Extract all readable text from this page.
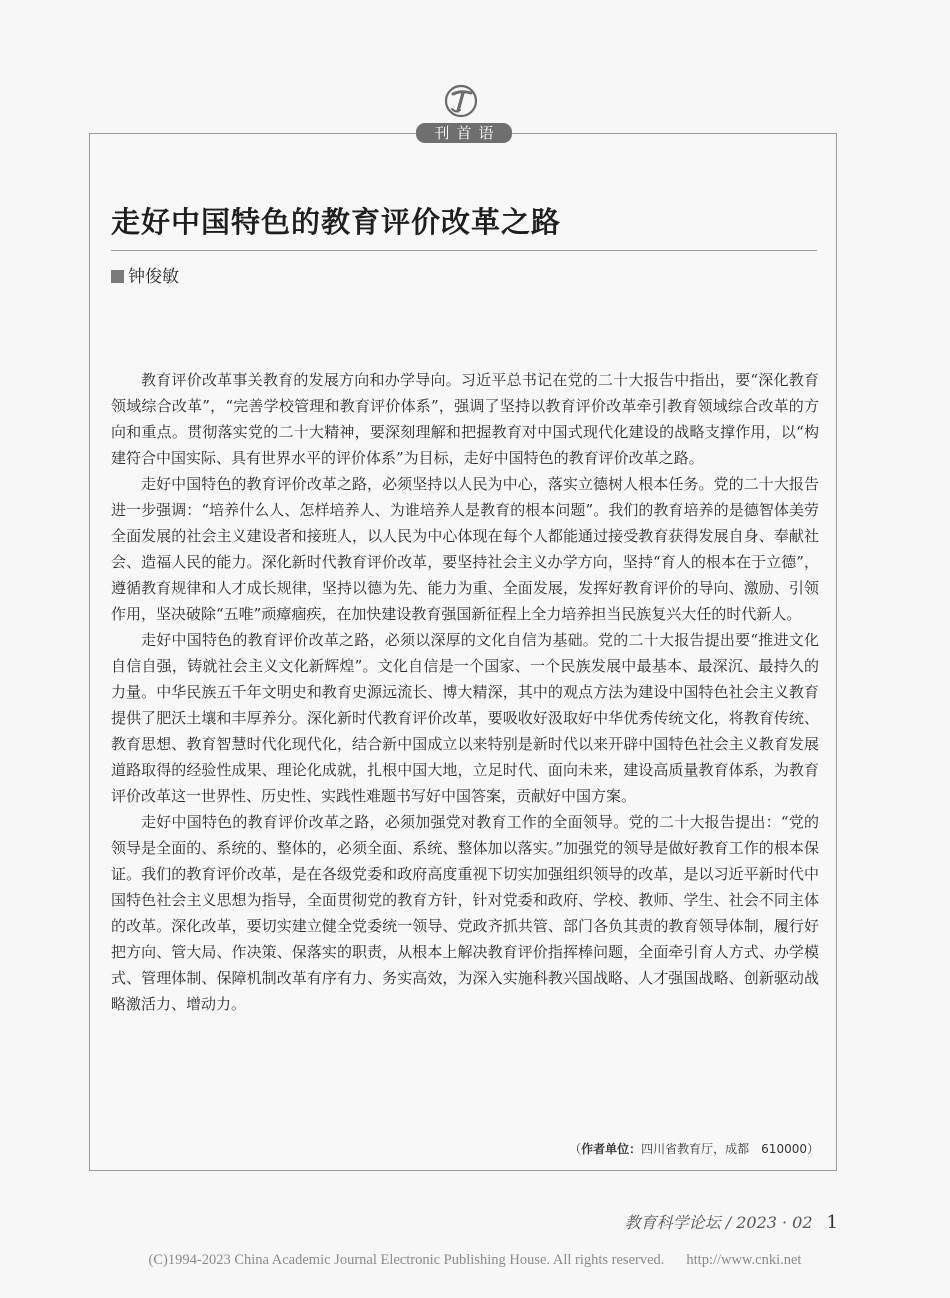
刊首语
走好中国特色的教育评价改革之路
钟俊敏

教育评价改革事关教育的发展方向和办学导向。习近平总书记在党的二十大报告中指出，要“深化教育领域综合改革”，“完善学校管理和教育评价体系”，强调了坚持以教育评价改革牵引教育领域综合改革的方向和重点。贯彻落实党的二十大精神，要深刻理解和把握教育对中国式现代化建设的战略支撑作用，以“构建符合中国实际、具有世界水平的评价体系”为目标，走好中国特色的教育评价改革之路。

走好中国特色的教育评价改革之路，必须坚持以人民为中心，落实立德树人根本任务。党的二十大报告进一步强调：“培养什么人、怎样培养人、为谁培养人是教育的根本问题”。我们的教育培养的是德智体美劳全面发展的社会主义建设者和接班人，以人民为中心体现在每个人都能通过接受教育获得发展自身、奉献社会、造福人民的能力。深化新时代教育评价改革，要坚持社会主义办学方向，坚持“育人的根本在于立德”，遵循教育规律和人才成长规律，坚持以德为先、能力为重、全面发展，发挥好教育评价的导向、激励、引领作用，坚决破除“五唯”顽瘴痼疾，在加快建设教育强国新征程上全力培养担当民族复兴大任的时代新人。

走好中国特色的教育评价改革之路，必须以深厚的文化自信为基础。党的二十大报告提出要“推进文化自信自强，铸就社会主义文化新辉煌”。文化自信是一个国家、一个民族发展中最基本、最深沉、最持久的力量。中华民族五千年文明史和教育史源远流长、博大精深，其中的观点方法为建设中国特色社会主义教育提供了肥沃土壤和丰厚养分。深化新时代教育评价改革，要吸收好汲取好中华优秀传统文化，将教育传统、教育思想、教育智慧时代化现代化，结合新中国成立以来特别是新时代以来开辟中国特色社会主义教育发展道路取得的经验性成果、理论化成就，扎根中国大地，立足时代、面向未来，建设高质量教育体系，为教育评价改革这一世界性、历史性、实践性难题书写好中国答案，贡献好中国方案。

走好中国特色的教育评价改革之路，必须加强党对教育工作的全面领导。党的二十大报告提出：“党的领导是全面的、系统的、整体的，必须全面、系统、整体加以落实。”加强党的领导是做好教育工作的根本保证。我们的教育评价改革，是在各级党委和政府高度重视下切实加强组织领导的改革，是以习近平新时代中国特色社会主义思想为指导，全面贯彻党的教育方针，针对党委和政府、学校、教师、学生、社会不同主体的改革。深化改革，要切实建立健全党委统一领导、党政齐抓共管、部门各负其责的教育领导体制，履行好把方向、管大局、作决策、保落实的职责，从根本上解决教育评价指挥棒问题，全面牵引育人方式、办学模式、管理体制、保障机制改革有序有力、务实高效，为深入实施科教兴国战略、人才强国战略、创新驱动战略激活力、增动力。

（作者单位：四川省教育厅，成都　610000）
教育科学论坛 / 2023 · 02 1
(C)1994-2023 China Academic Journal Electronic Publishing House. All rights reserved. http://www.cnki.net
